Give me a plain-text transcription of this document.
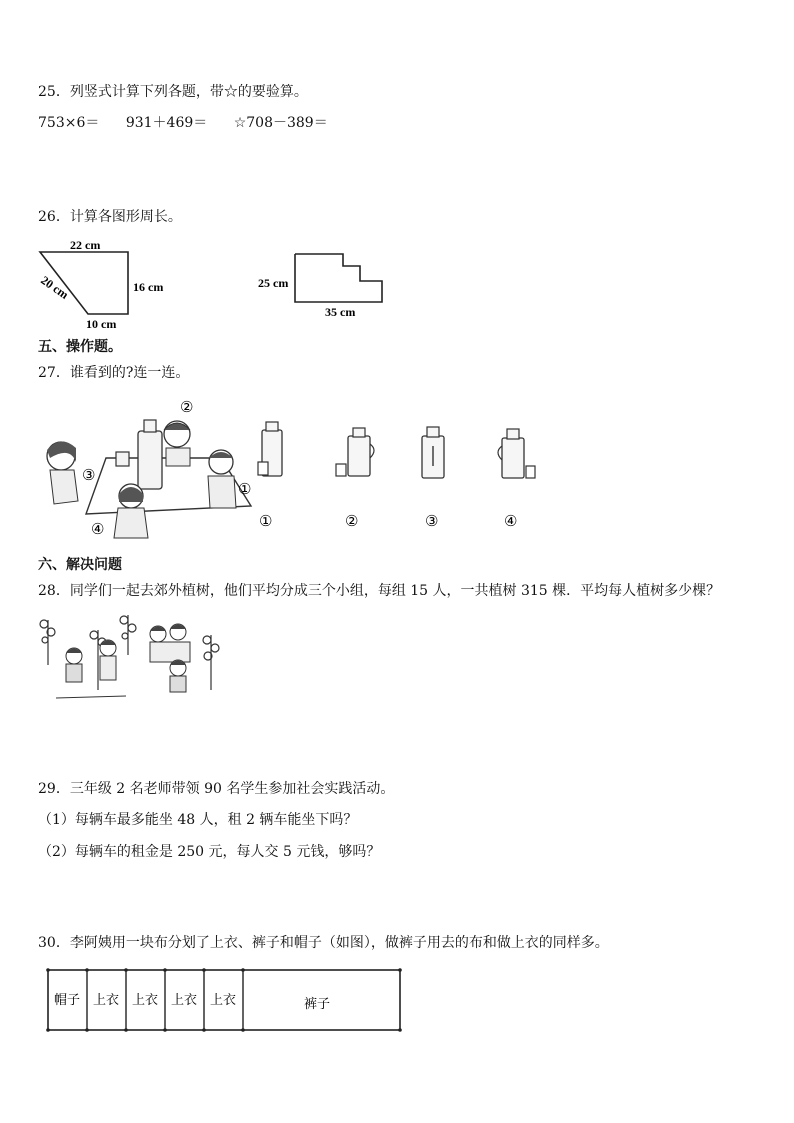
25．列竖式计算下列各题，带☆的要验算。
753×6＝ 931＋469＝ ☆708－389＝
26．计算各图形周长。
22 cm
16 cm
10 cm
20 cm	25 cm
35 cm
五、操作题。
27．谁看到的?连一连。
②
③
①
④	①	②	③	④
六、解决问题
28．同学们一起去郊外植树，他们平均分成三个小组，每组 15 人，一共植树 315 棵．平均每人植树多少棵？
29．三年级 2 名老师带领 90 名学生参加社会实践活动。
（1）每辆车最多能坐 48 人，租 2 辆车能坐下吗？
（2）每辆车的租金是 250 元，每人交 5 元钱，够吗？
30．李阿姨用一块布分划了上衣、裤子和帽子（如图），做裤子用去的布和做上衣的同样多。
帽子 上衣 上衣 上衣 上衣	裤子
